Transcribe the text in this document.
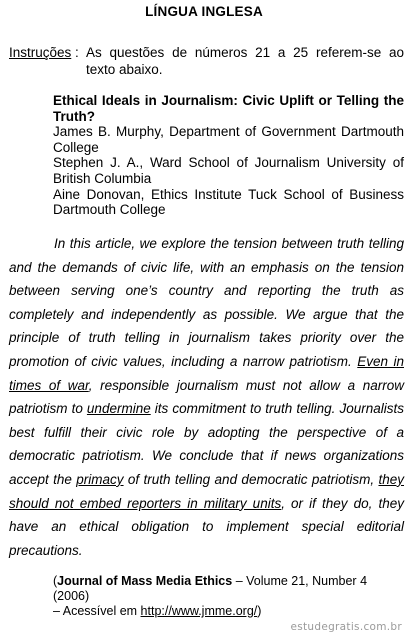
LÍNGUA INGLESA
Instruções : As questões de números 21 a 25 referem-se ao texto abaixo.
Ethical Ideals in Journalism: Civic Uplift or Telling the Truth?
James B. Murphy, Department of Government Dartmouth College
Stephen J. A., Ward School of Journalism University of British Columbia
Aine Donovan, Ethics Institute Tuck School of Business Dartmouth College
In this article, we explore the tension between truth telling and the demands of civic life, with an emphasis on the tension between serving one’s country and reporting the truth as completely and independently as possible. We argue that the principle of truth telling in journalism takes priority over the promotion of civic values, including a narrow patriotism. Even in times of war, responsible journalism must not allow a narrow patriotism to undermine its commitment to truth telling. Journalists best fulfill their civic role by adopting the perspective of a democratic patriotism. We conclude that if news organizations accept the primacy of truth telling and democratic patriotism, they should not embed reporters in military units, or if they do, they have an ethical obligation to implement special editorial precautions.
(Journal of Mass Media Ethics – Volume 21, Number 4 (2006)
– Acessível em http://www.jmme.org/)
estudegratis.com.br
